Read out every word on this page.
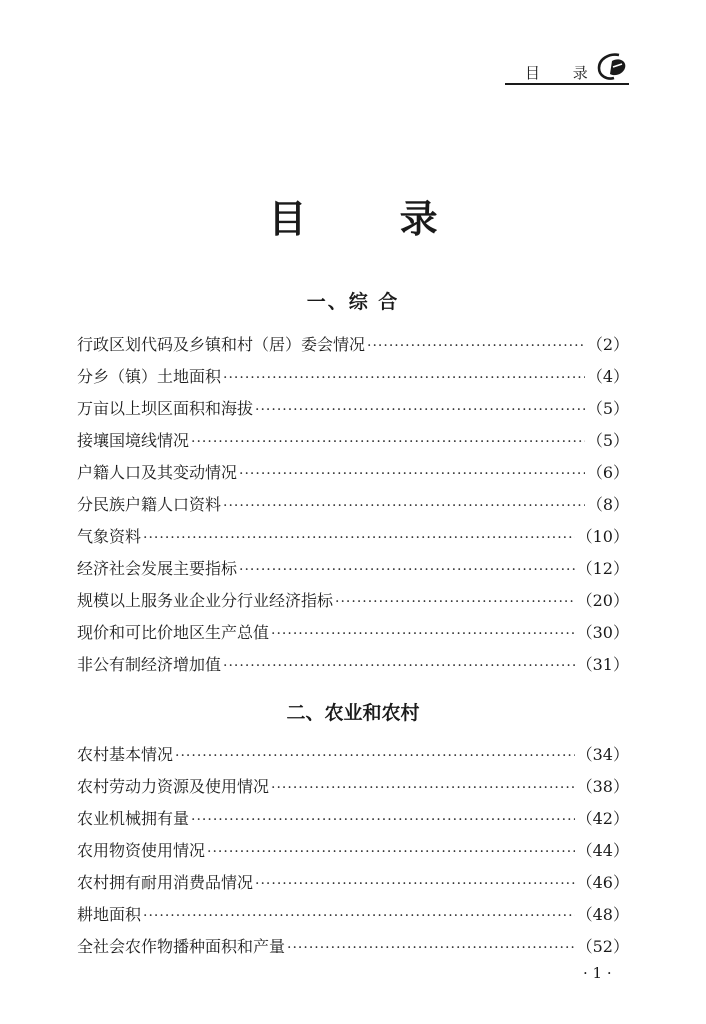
目 录
目 录
一、综 合
行政区划代码及乡镇和村（居）委会情况 ·····	（2）
分乡（镇）土地面积 ·····	（4）
万亩以上坝区面积和海拔 ·····	（5）
接壤国境线情况 ·····	（5）
户籍人口及其变动情况 ·····	（6）
分民族户籍人口资料 ·····	（8）
气象资料 ·····	（10）
经济社会发展主要指标 ·····	（12）
规模以上服务业企业分行业经济指标 ·····	（20）
现价和可比价地区生产总值 ·····	（30）
非公有制经济增加值 ·····	（31）
二、农业和农村
农村基本情况 ·····	（34）
农村劳动力资源及使用情况 ·····	（38）
农业机械拥有量 ·····	（42）
农用物资使用情况 ·····	（44）
农村拥有耐用消费品情况 ·····	（46）
耕地面积 ·····	（48）
全社会农作物播种面积和产量 ·····	（52）
· 1 ·
